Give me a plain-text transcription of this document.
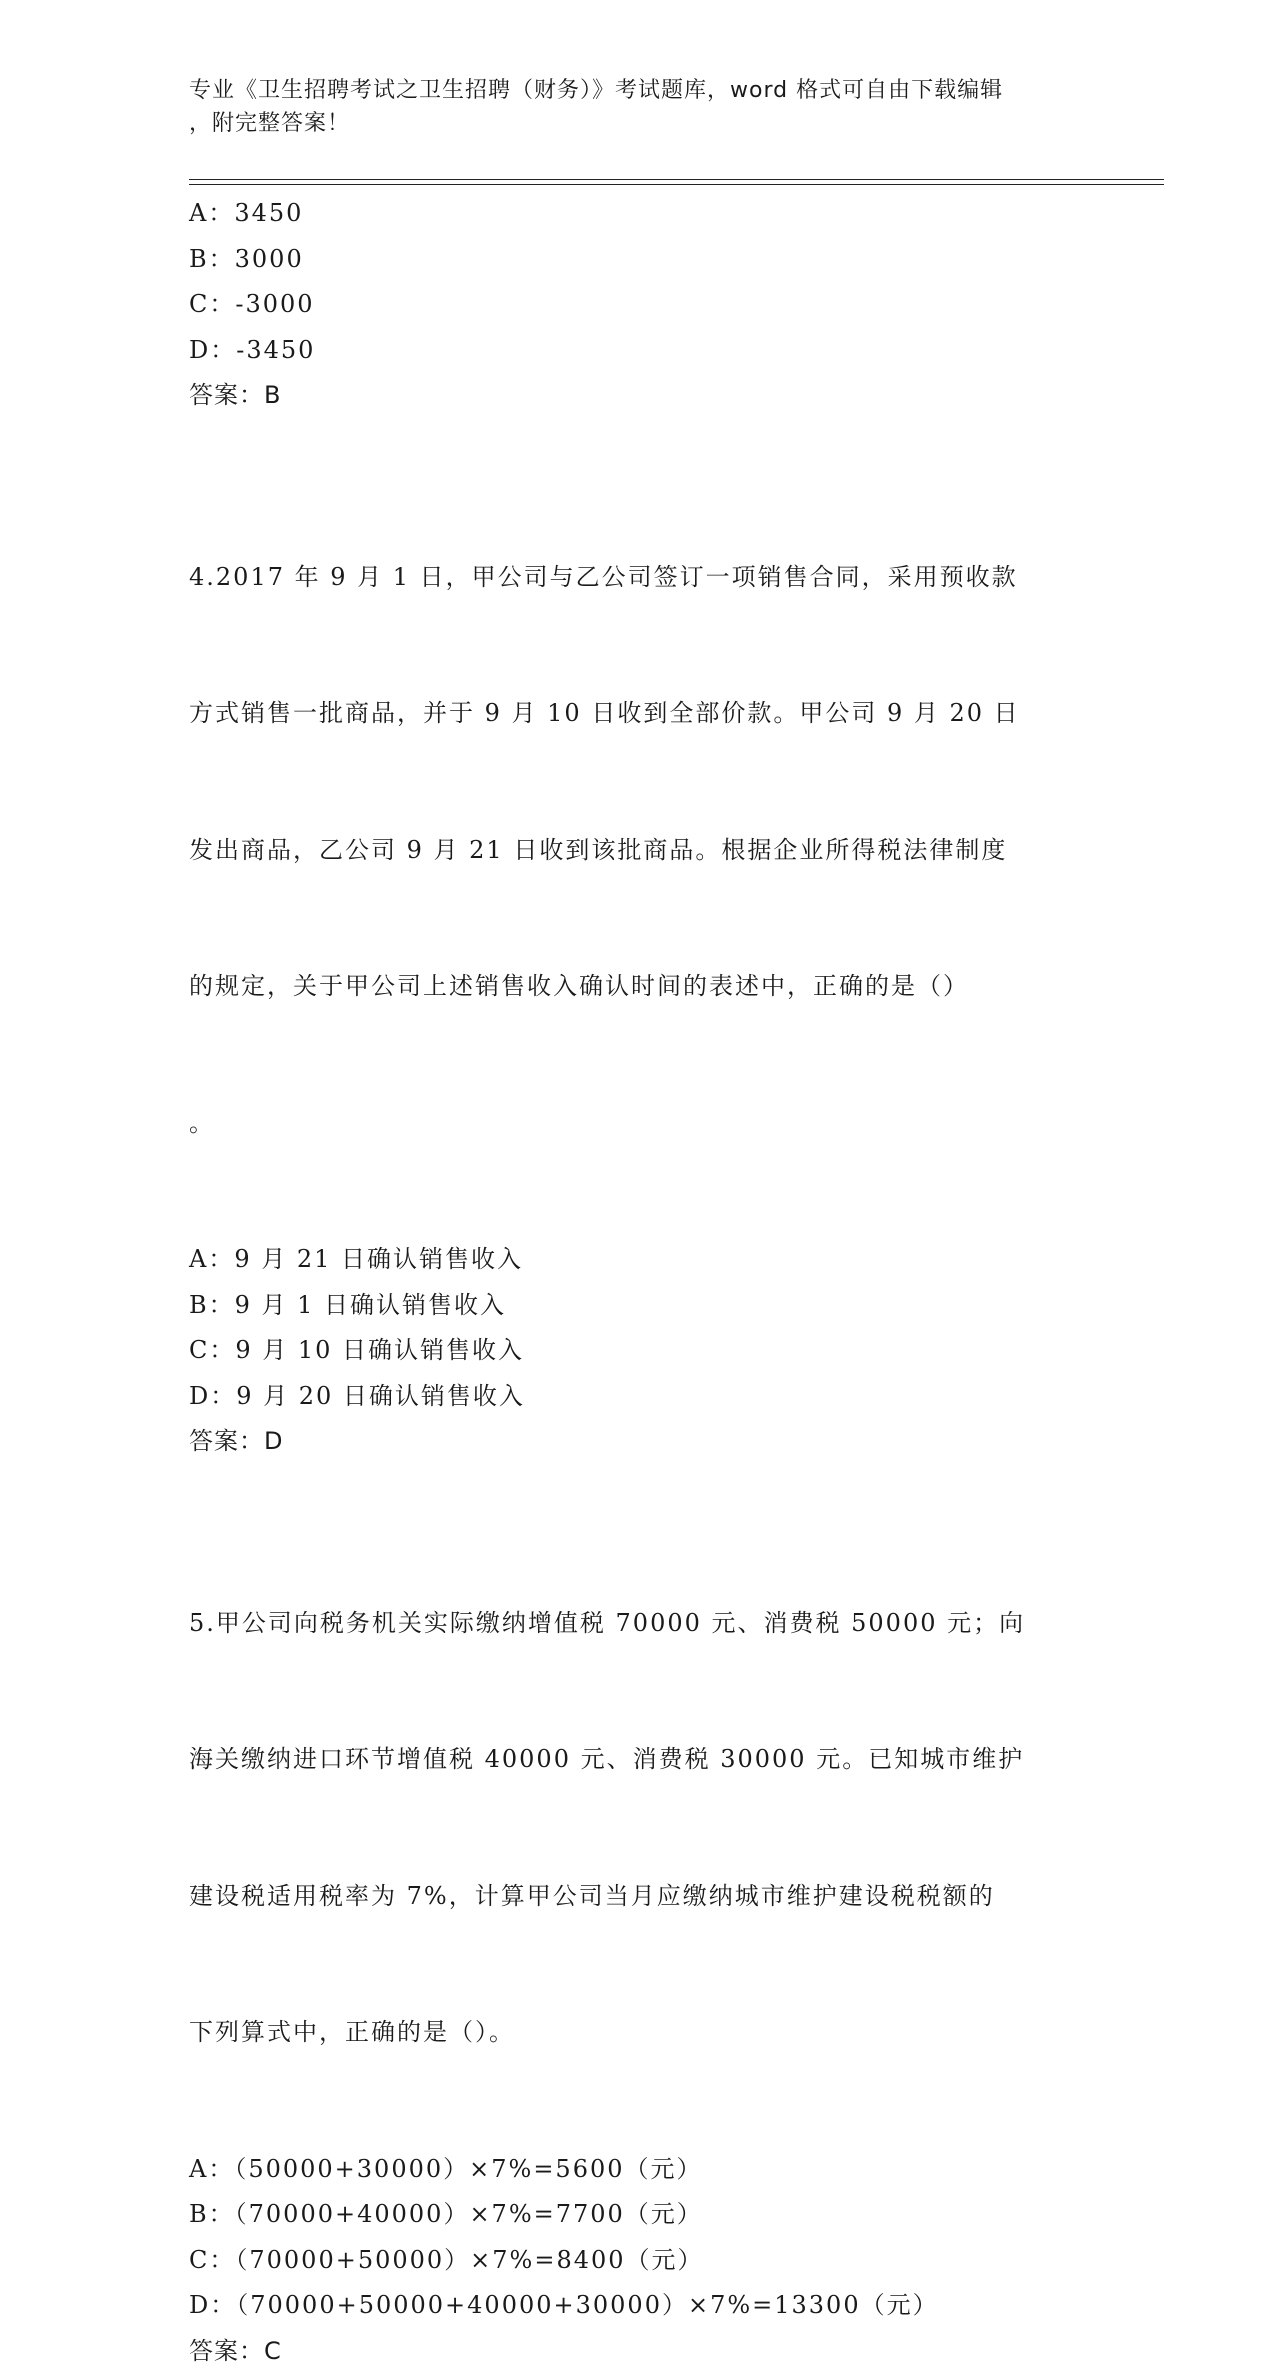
专业《卫生招聘考试之卫生招聘（财务）》考试题库，word 格式可自由下载编辑
，附完整答案！
A：3450
B：3000
C：-3000
D：-3450
答案：B

4.2017 年 9 月 1 日，甲公司与乙公司签订一项销售合同，采用预收款

方式销售一批商品，并于 9 月 10 日收到全部价款。甲公司 9 月 20 日

发出商品，乙公司 9 月 21 日收到该批商品。根据企业所得税法律制度

的规定，关于甲公司上述销售收入确认时间的表述中，正确的是（）

。

A：9 月 21 日确认销售收入
B：9 月 1 日确认销售收入
C：9 月 10 日确认销售收入
D：9 月 20 日确认销售收入
答案：D

5.甲公司向税务机关实际缴纳增值税 70000 元、消费税 50000 元；向

海关缴纳进口环节增值税 40000 元、消费税 30000 元。已知城市维护

建设税适用税率为 7%，计算甲公司当月应缴纳城市维护建设税税额的

下列算式中，正确的是（）。

A：（50000+30000）×7%=5600（元）
B：（70000+40000）×7%=7700（元）
C：（70000+50000）×7%=8400（元）
D：（70000+50000+40000+30000）×7%=13300（元）
答案：C
